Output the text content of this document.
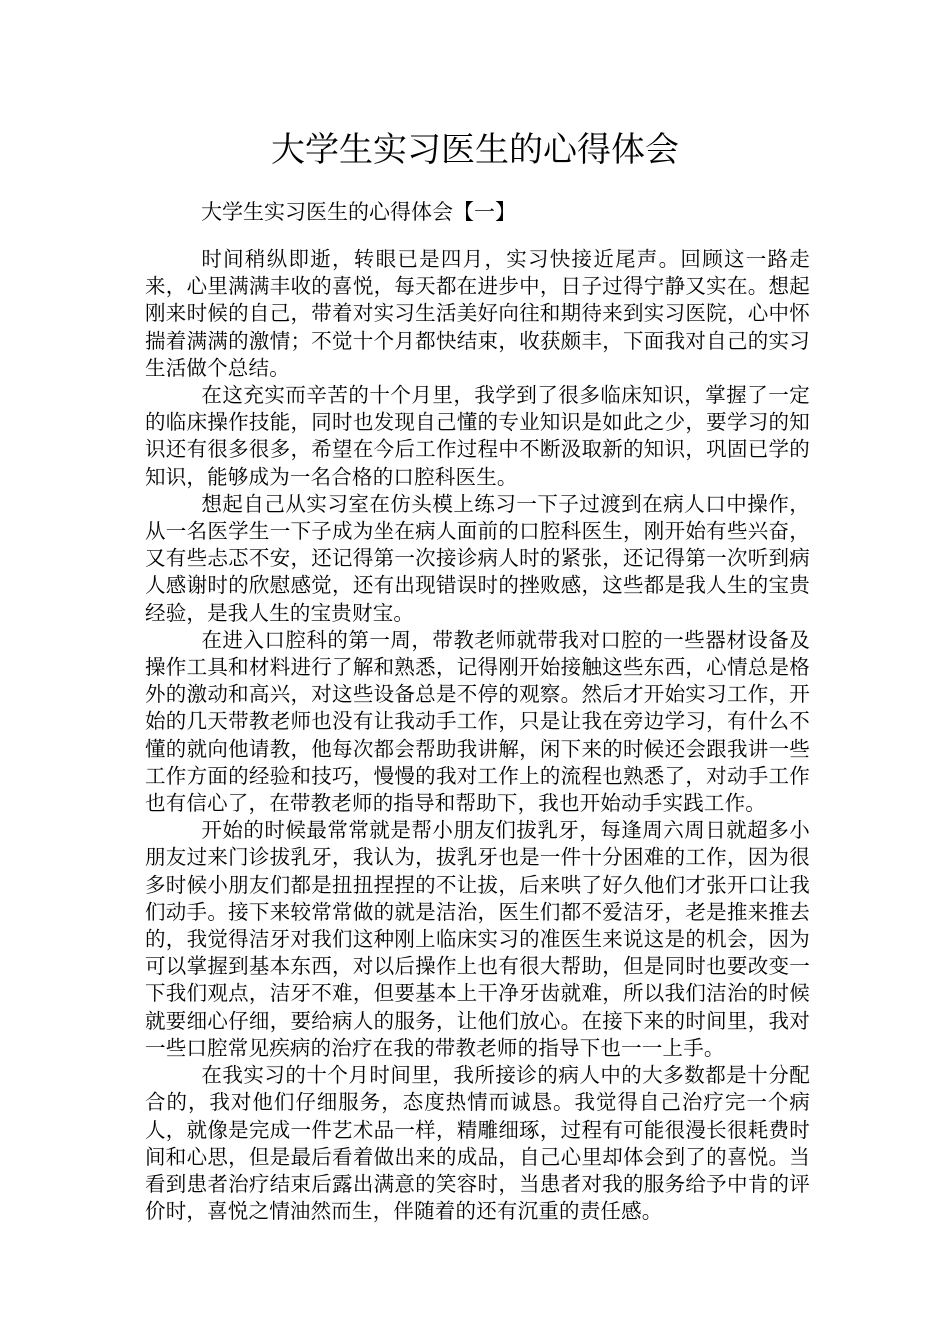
大学生实习医生的心得体会

大学生实习医生的心得体会【一】

时间稍纵即逝，转眼已是四月，实习快接近尾声。回顾这一路走来，心里满满丰收的喜悦，每天都在进步中，日子过得宁静又实在。想起刚来时候的自己，带着对实习生活美好向往和期待来到实习医院，心中怀揣着满满的激情；不觉十个月都快结束，收获颇丰，下面我对自己的实习生活做个总结。

在这充实而辛苦的十个月里，我学到了很多临床知识，掌握了一定的临床操作技能，同时也发现自己懂的专业知识是如此之少，要学习的知识还有很多很多，希望在今后工作过程中不断汲取新的知识，巩固已学的知识，能够成为一名合格的口腔科医生。

想起自己从实习室在仿头模上练习一下子过渡到在病人口中操作，从一名医学生一下子成为坐在病人面前的口腔科医生，刚开始有些兴奋，又有些忐忑不安，还记得第一次接诊病人时的紧张，还记得第一次听到病人感谢时的欣慰感觉，还有出现错误时的挫败感，这些都是我人生的宝贵经验，是我人生的宝贵财宝。

在进入口腔科的第一周，带教老师就带我对口腔的一些器材设备及操作工具和材料进行了解和熟悉，记得刚开始接触这些东西，心情总是格外的激动和高兴，对这些设备总是不停的观察。然后才开始实习工作，开始的几天带教老师也没有让我动手工作，只是让我在旁边学习，有什么不懂的就向他请教，他每次都会帮助我讲解，闲下来的时候还会跟我讲一些工作方面的经验和技巧，慢慢的我对工作上的流程也熟悉了，对动手工作也有信心了，在带教老师的指导和帮助下，我也开始动手实践工作。

开始的时候最常常就是帮小朋友们拔乳牙，每逢周六周日就超多小朋友过来门诊拔乳牙，我认为，拔乳牙也是一件十分困难的工作，因为很多时候小朋友们都是扭扭捏捏的不让拔，后来哄了好久他们才张开口让我们动手。接下来较常常做的就是洁治，医生们都不爱洁牙，老是推来推去的，我觉得洁牙对我们这种刚上临床实习的准医生来说这是的机会，因为可以掌握到基本东西，对以后操作上也有很大帮助，但是同时也要改变一下我们观点，洁牙不难，但要基本上干净牙齿就难，所以我们洁治的时候就要细心仔细，要给病人的服务，让他们放心。在接下来的时间里，我对一些口腔常见疾病的治疗在我的带教老师的指导下也一一上手。

在我实习的十个月时间里，我所接诊的病人中的大多数都是十分配合的，我对他们仔细服务，态度热情而诚恳。我觉得自己治疗完一个病人，就像是完成一件艺术品一样，精雕细琢，过程有可能很漫长很耗费时间和心思，但是最后看着做出来的成品，自己心里却体会到了的喜悦。当看到患者治疗结束后露出满意的笑容时，当患者对我的服务给予中肯的评价时，喜悦之情油然而生，伴随着的还有沉重的责任感。
